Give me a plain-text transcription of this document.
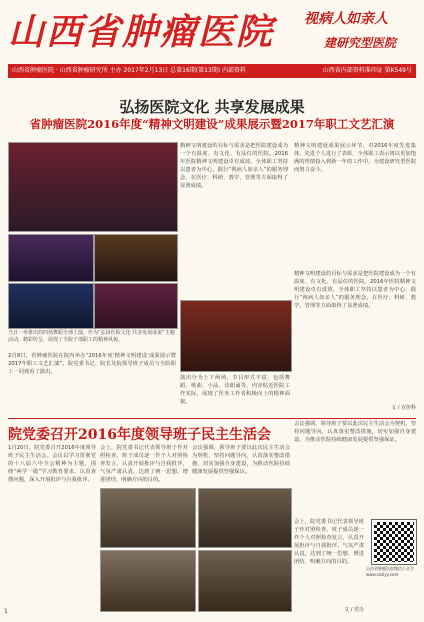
山西省肿瘤医院	视病人如亲人
建研究型医院
山西省肿瘤医院 · 山西省肿瘤研究所 主办 2017年2月13日 总第16期(第13期) 内部资料	山西省内部资料准印证 第K549号
弘扬医院文化 共享发展成果
省肿瘤医院2016年度“精神文明建设”成果展示暨2017年职工文艺汇演
当日一举推出的四场舞蹈全部上演，作为“弘扬医院文化 共享发展成果”主题活动，精彩纷呈，展现了全院干部职工的精神风貌。
精神文明建设的目标与需求是把医院建设成为一个有温度、有文化、有品位的医院。2016年医院精神文明建设卓有成效，全体职工坚持以患者为中心，践行“视病人如亲人”的服务理念，在医疗、科研、教学、管理等方面取得了显著成绩。
精神文明建设成果展示环节，对2016年度先进集体、先进个人进行了表彰，全体职工表示将以更加饱满的热情投入到新一年的工作中，为建设研究型医院而努力奋斗。
2月8日，省肿瘤医院在院内举办“2016年度‘精神文明建设’成果展示暨2017年职工文艺汇演”。院党委书记、院长及院领导班子成员与全院职工一同观看了演出。
演出分为上下两场，节目形式丰富，包括舞蹈、歌曲、小品、诗朗诵等，内容贴近医院工作实际，展现了医务工作者积极向上的精神面貌。
精神文明建设的目标与需求是把医院建设成为一个有温度、有文化、有品位的医院。2016年医院精神文明建设卓有成效，全体职工坚持以患者为中心，践行“视病人如亲人”的服务理念，在医疗、科研、教学、管理等方面取得了显著成绩。
文 / 宣传科
院党委召开2016年度领导班子民主生活会
1月20日，院党委召开2016年度领导班子民主生活会。会议以学习贯彻党的十八届六中全会精神为主题，围绕“两学一做”学习教育要求，认真查摆问题，深入开展批评与自我批评。
会上，院党委书记代表领导班子作对照检查，班子成员逐一作个人对照检查发言，认真开展批评与自我批评，气氛严肃认真，达到了统一思想、增进团结、明确方向的目的。
会议强调，领导班子要以此次民主生活会为契机，坚持问题导向，认真落实整改措施，切实加强自身建设，为推动医院持续健康发展提供坚强保证。
会议强调，领导班子要以此次民主生活会为契机，坚持问题导向，认真落实整改措施，切实加强自身建设，为推动医院持续健康发展提供坚强保证。
会上，院党委书记代表领导班子作对照检查，班子成员逐一作个人对照检查发言，认真开展批评与自我批评，气氛严肃认真，达到了统一思想、增进团结、明确方向的目的。
山西省肿瘤医院微信公众号 www.sxzlyy.com
文 / 党办
1
